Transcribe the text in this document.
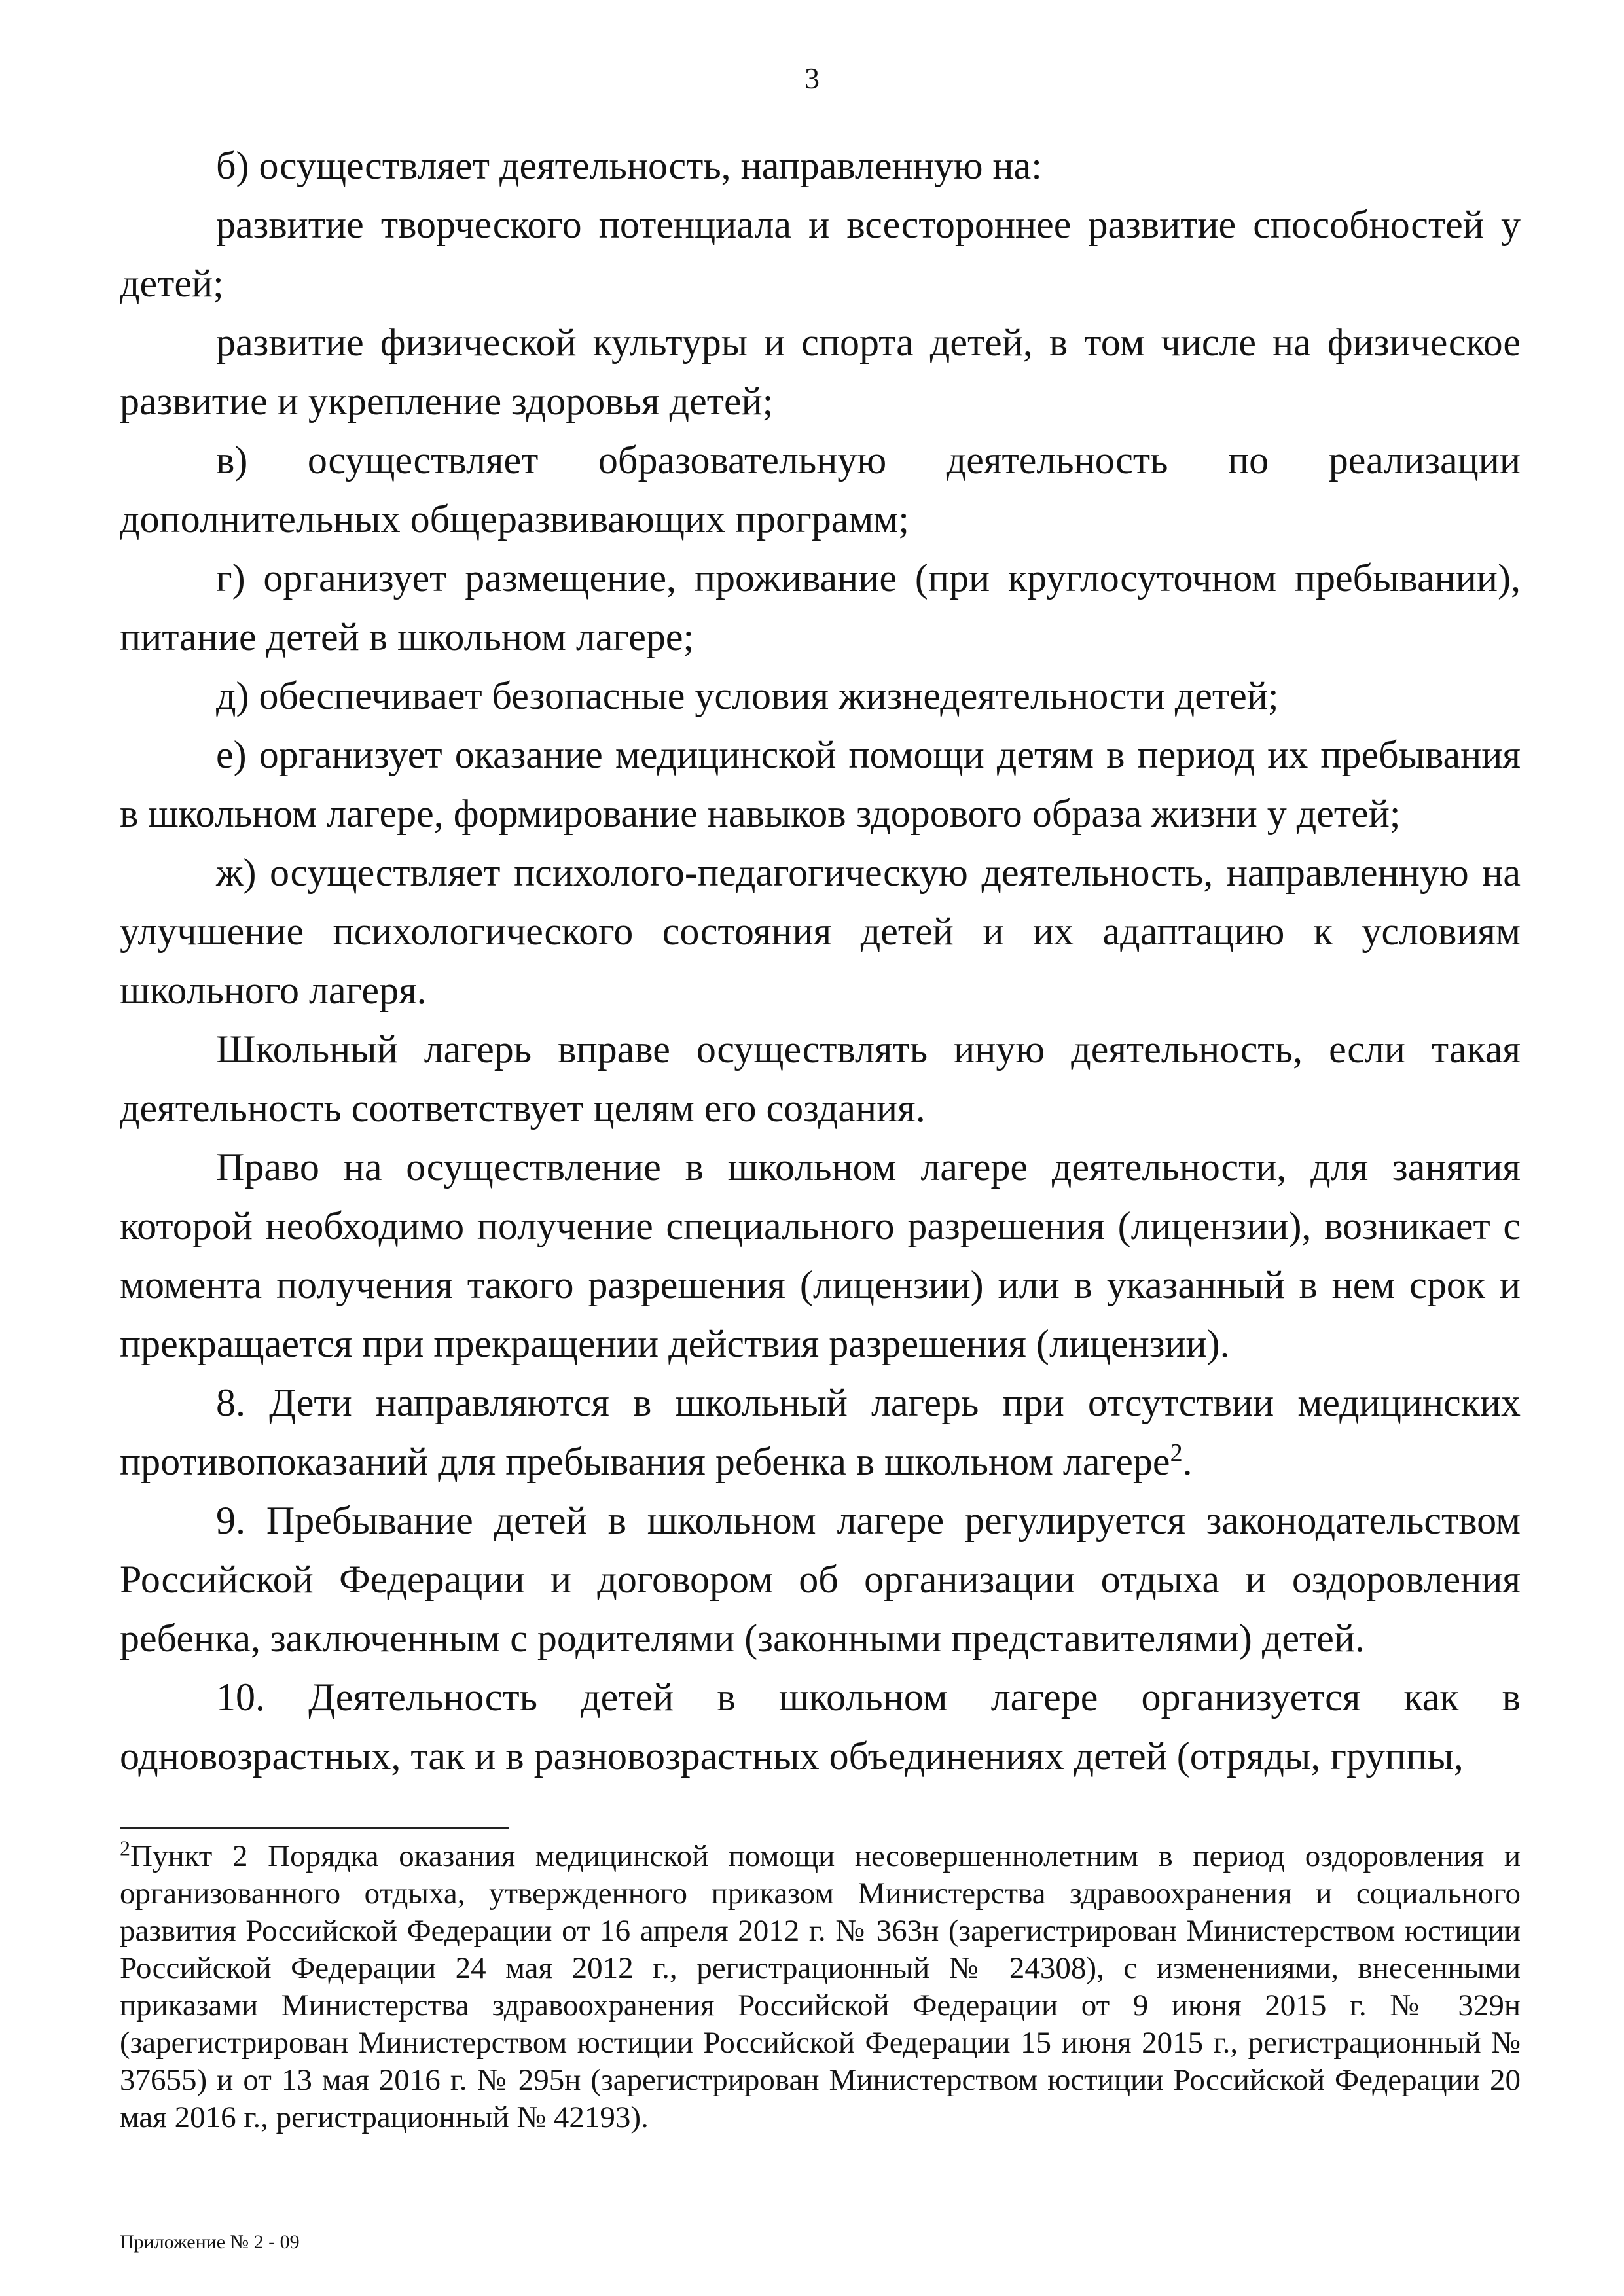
3

б) осуществляет деятельность, направленную на:

развитие творческого потенциала и всестороннее развитие способностей у детей;

развитие физической культуры и спорта детей, в том числе на физическое развитие и укрепление здоровья детей;

в) осуществляет образовательную деятельность по реализации дополнительных общеразвивающих программ;

г) организует размещение, проживание (при круглосуточном пребывании), питание детей в школьном лагере;

д) обеспечивает безопасные условия жизнедеятельности детей;

е) организует оказание медицинской помощи детям в период их пребывания в школьном лагере, формирование навыков здорового образа жизни у детей;

ж) осуществляет психолого-педагогическую деятельность, направленную на улучшение психологического состояния детей и их адаптацию к условиям школьного лагеря.

Школьный лагерь вправе осуществлять иную деятельность, если такая деятельность соответствует целям его создания.

Право на осуществление в школьном лагере деятельности, для занятия которой необходимо получение специального разрешения (лицензии), возникает с момента получения такого разрешения (лицензии) или в указанный в нем срок и прекращается при прекращении действия разрешения (лицензии).

8. Дети направляются в школьный лагерь при отсутствии медицинских противопоказаний для пребывания ребенка в школьном лагере$^2$.

9. Пребывание детей в школьном лагере регулируется законодательством Российской Федерации и договором об организации отдыха и оздоровления ребенка, заключенным с родителями (законными представителями) детей.

10. Деятельность детей в школьном лагере организуется как в одновозрастных, так и в разновозрастных объединениях детей (отряды, группы,

$^2$Пункт 2 Порядка оказания медицинской помощи несовершеннолетним в период оздоровления и организованного отдыха, утвержденного приказом Министерства здравоохранения и социального развития Российской Федерации от 16 апреля 2012 г. № 363н (зарегистрирован Министерством юстиции Российской Федерации 24 мая 2012 г., регистрационный № 24308), с изменениями, внесенными приказами Министерства здравоохранения Российской Федерации от 9 июня 2015 г. № 329н (зарегистрирован Министерством юстиции Российской Федерации 15 июня 2015 г., регистрационный № 37655) и от 13 мая 2016 г. № 295н (зарегистрирован Министерством юстиции Российской Федерации 20 мая 2016 г., регистрационный № 42193).

Приложение № 2 - 09
